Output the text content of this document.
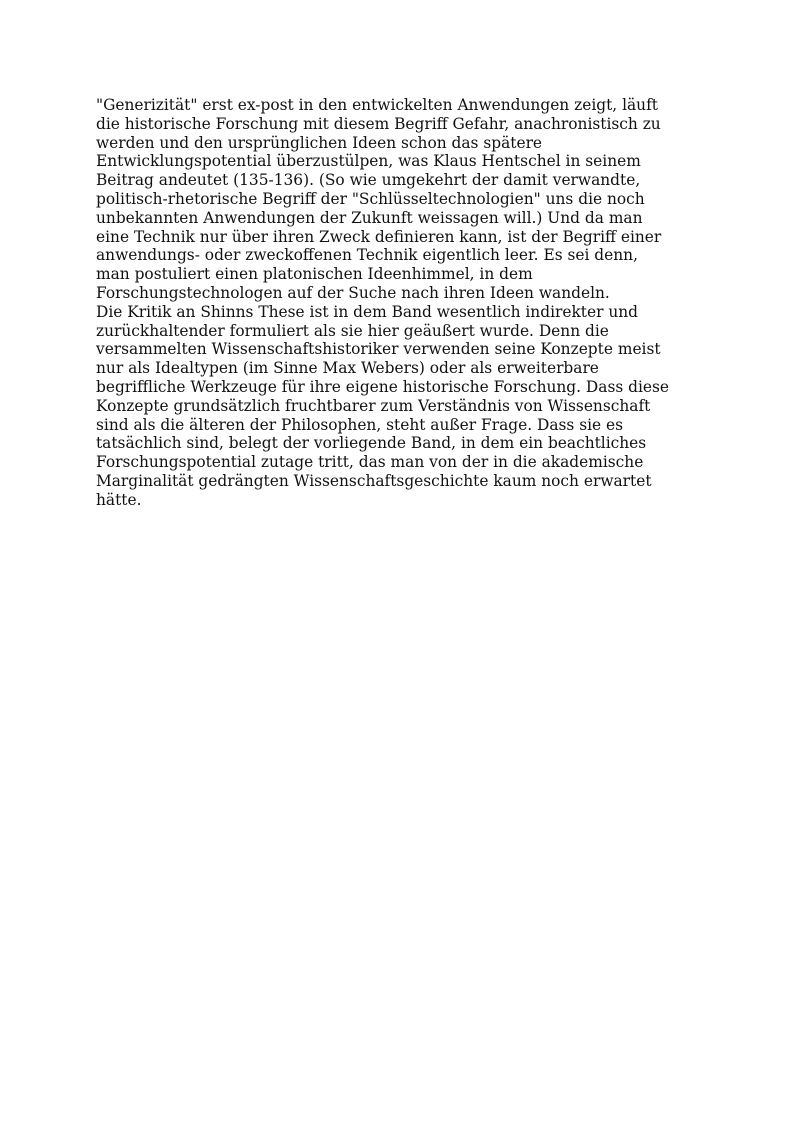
"Generizität" erst ex-post in den entwickelten Anwendungen zeigt, läuft
die historische Forschung mit diesem Begriff Gefahr, anachronistisch zu
werden und den ursprünglichen Ideen schon das spätere
Entwicklungspotential überzustülpen, was Klaus Hentschel in seinem
Beitrag andeutet (135-136). (So wie umgekehrt der damit verwandte,
politisch-rhetorische Begriff der "Schlüsseltechnologien" uns die noch
unbekannten Anwendungen der Zukunft weissagen will.) Und da man
eine Technik nur über ihren Zweck definieren kann, ist der Begriff einer
anwendungs- oder zweckoffenen Technik eigentlich leer. Es sei denn,
man postuliert einen platonischen Ideenhimmel, in dem
Forschungstechnologen auf der Suche nach ihren Ideen wandeln.

Die Kritik an Shinns These ist in dem Band wesentlich indirekter und
zurückhaltender formuliert als sie hier geäußert wurde. Denn die
versammelten Wissenschaftshistoriker verwenden seine Konzepte meist
nur als Idealtypen (im Sinne Max Webers) oder als erweiterbare
begriffliche Werkzeuge für ihre eigene historische Forschung. Dass diese
Konzepte grundsätzlich fruchtbarer zum Verständnis von Wissenschaft
sind als die älteren der Philosophen, steht außer Frage. Dass sie es
tatsächlich sind, belegt der vorliegende Band, in dem ein beachtliches
Forschungspotential zutage tritt, das man von der in die akademische
Marginalität gedrängten Wissenschaftsgeschichte kaum noch erwartet
hätte.
